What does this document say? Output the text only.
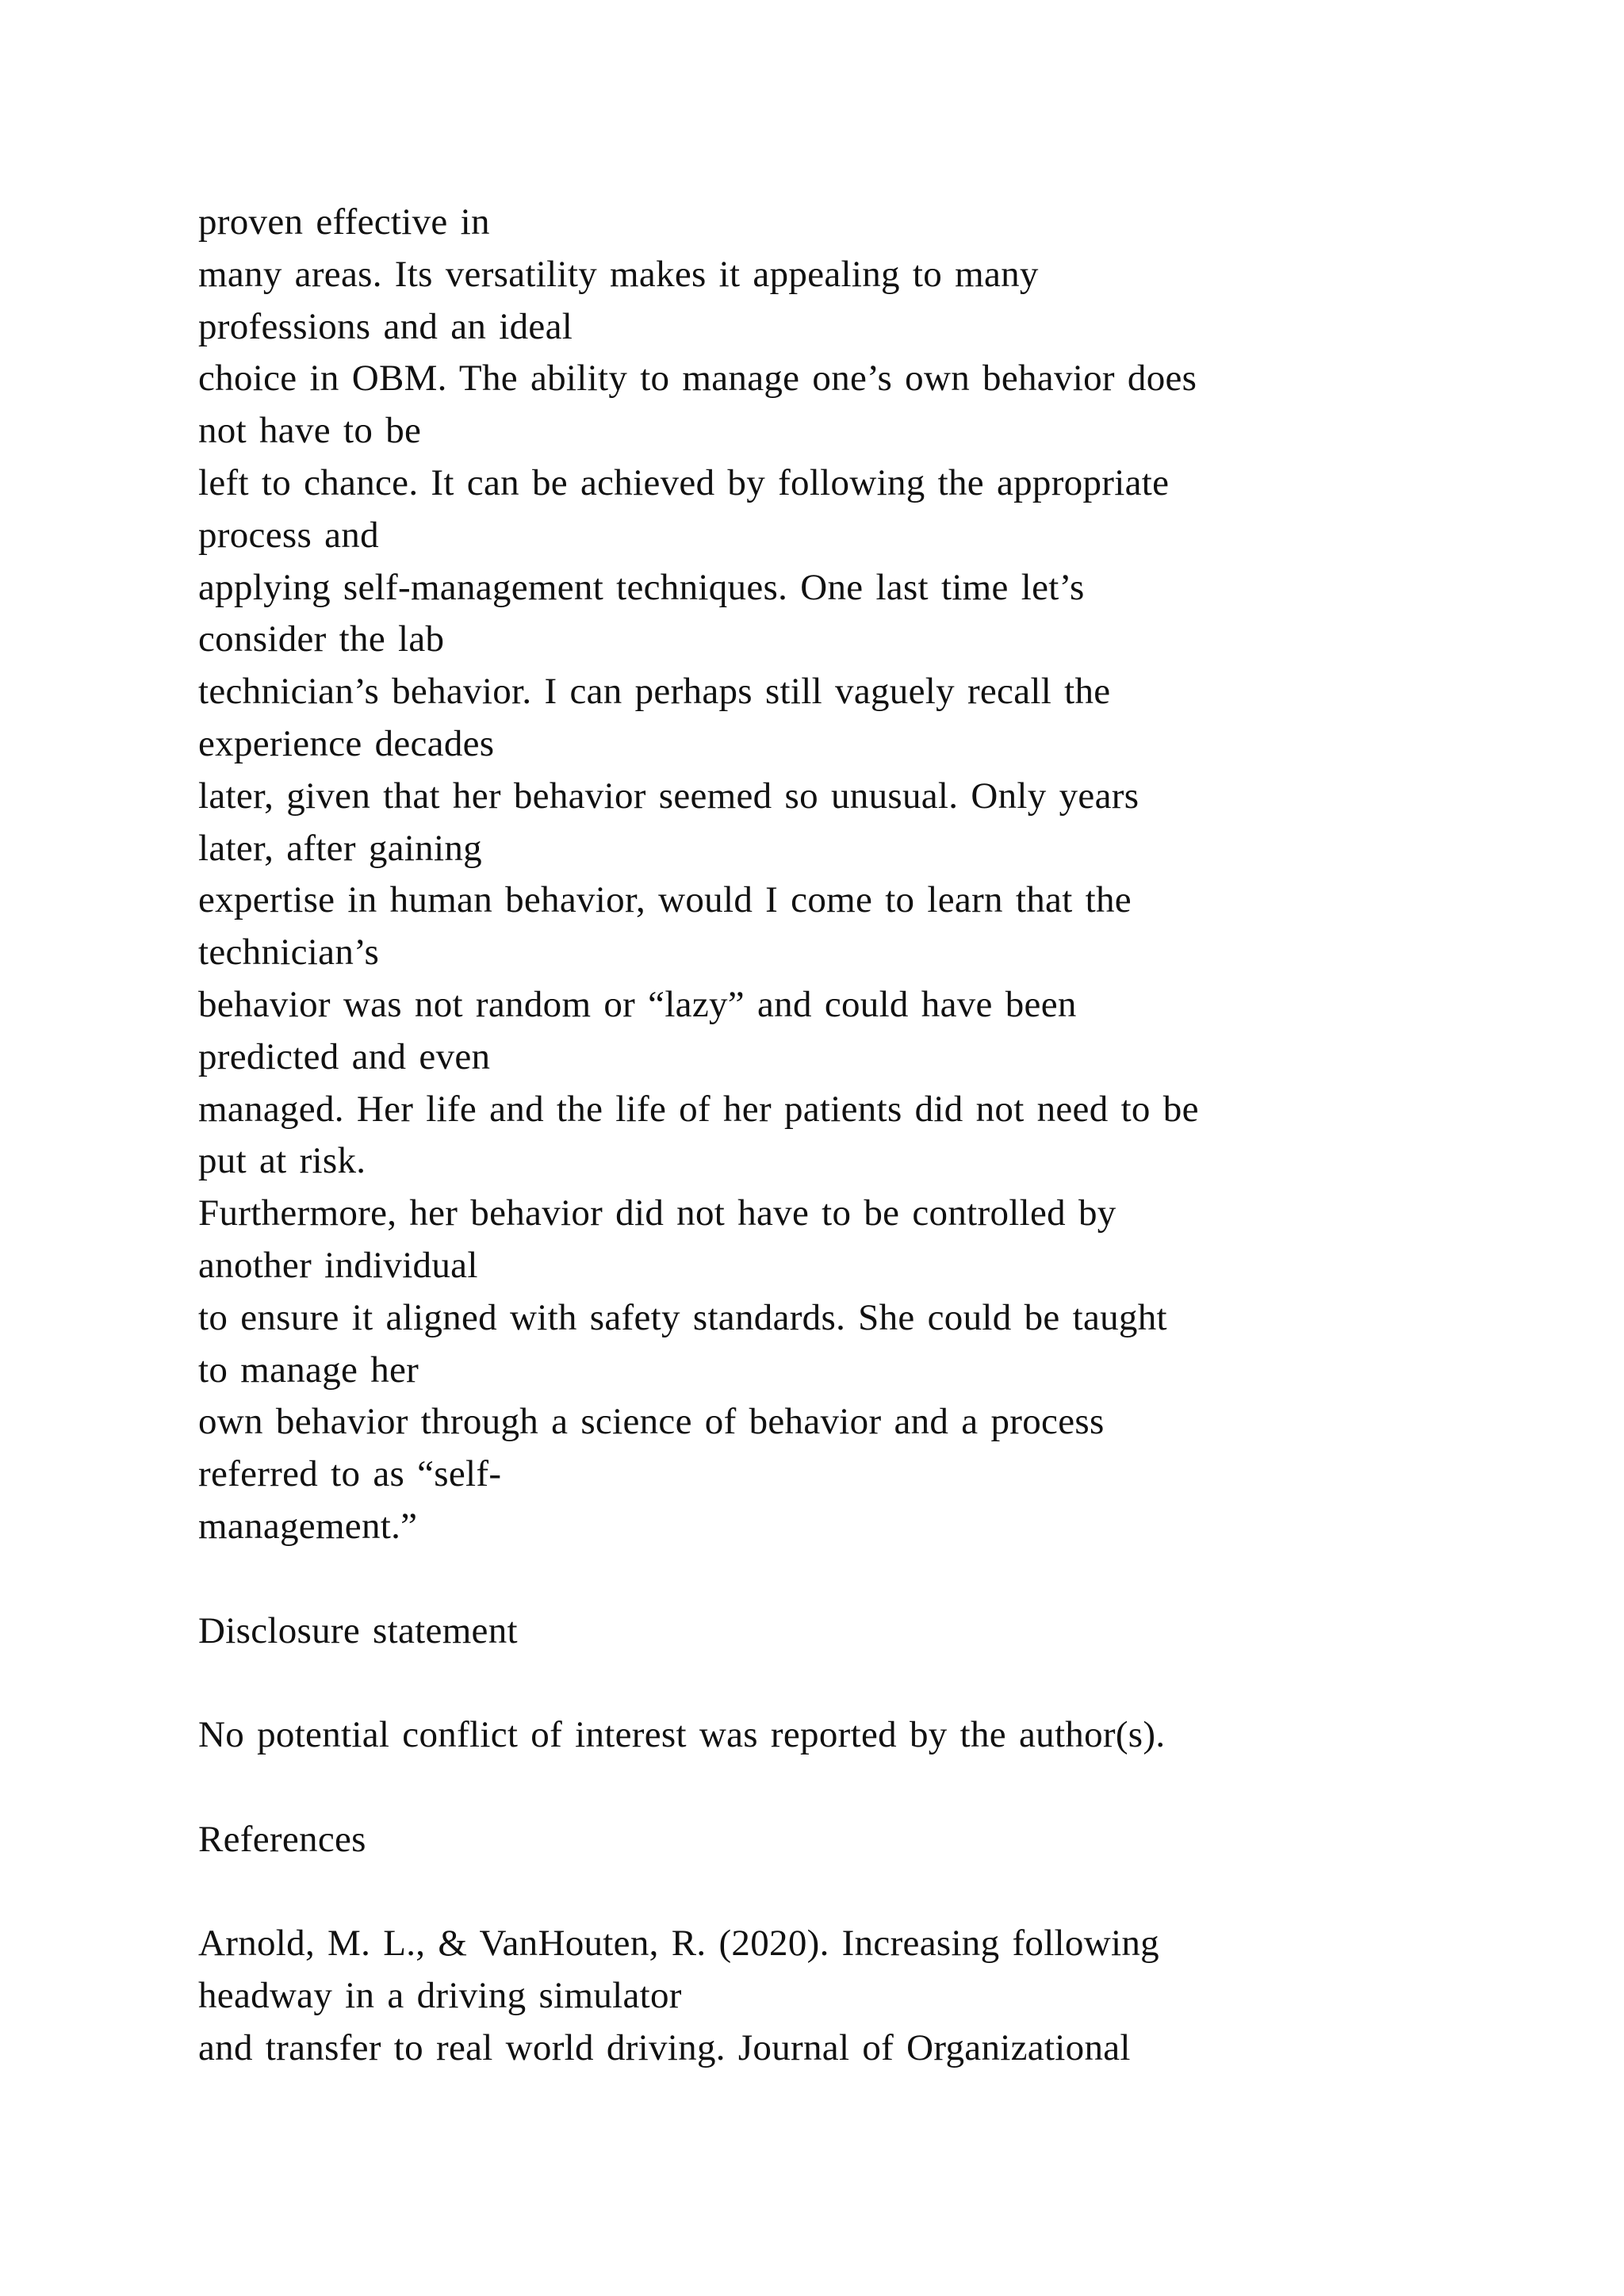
proven effective in
many areas. Its versatility makes it appealing to many
professions and an ideal
choice in OBM. The ability to manage one’s own behavior does
not have to be
left to chance. It can be achieved by following the appropriate
process and
applying self-management techniques. One last time let’s
consider the lab
technician’s behavior. I can perhaps still vaguely recall the
experience decades
later, given that her behavior seemed so unusual. Only years
later, after gaining
expertise in human behavior, would I come to learn that the
technician’s
behavior was not random or “lazy” and could have been
predicted and even
managed. Her life and the life of her patients did not need to be
put at risk.
Furthermore, her behavior did not have to be controlled by
another individual
to ensure it aligned with safety standards. She could be taught
to manage her
own behavior through a science of behavior and a process
referred to as “self-
management.”
Disclosure statement
No potential conflict of interest was reported by the author(s).
References
Arnold, M. L., & VanHouten, R. (2020). Increasing following
headway in a driving simulator
and transfer to real world driving. Journal of Organizational
